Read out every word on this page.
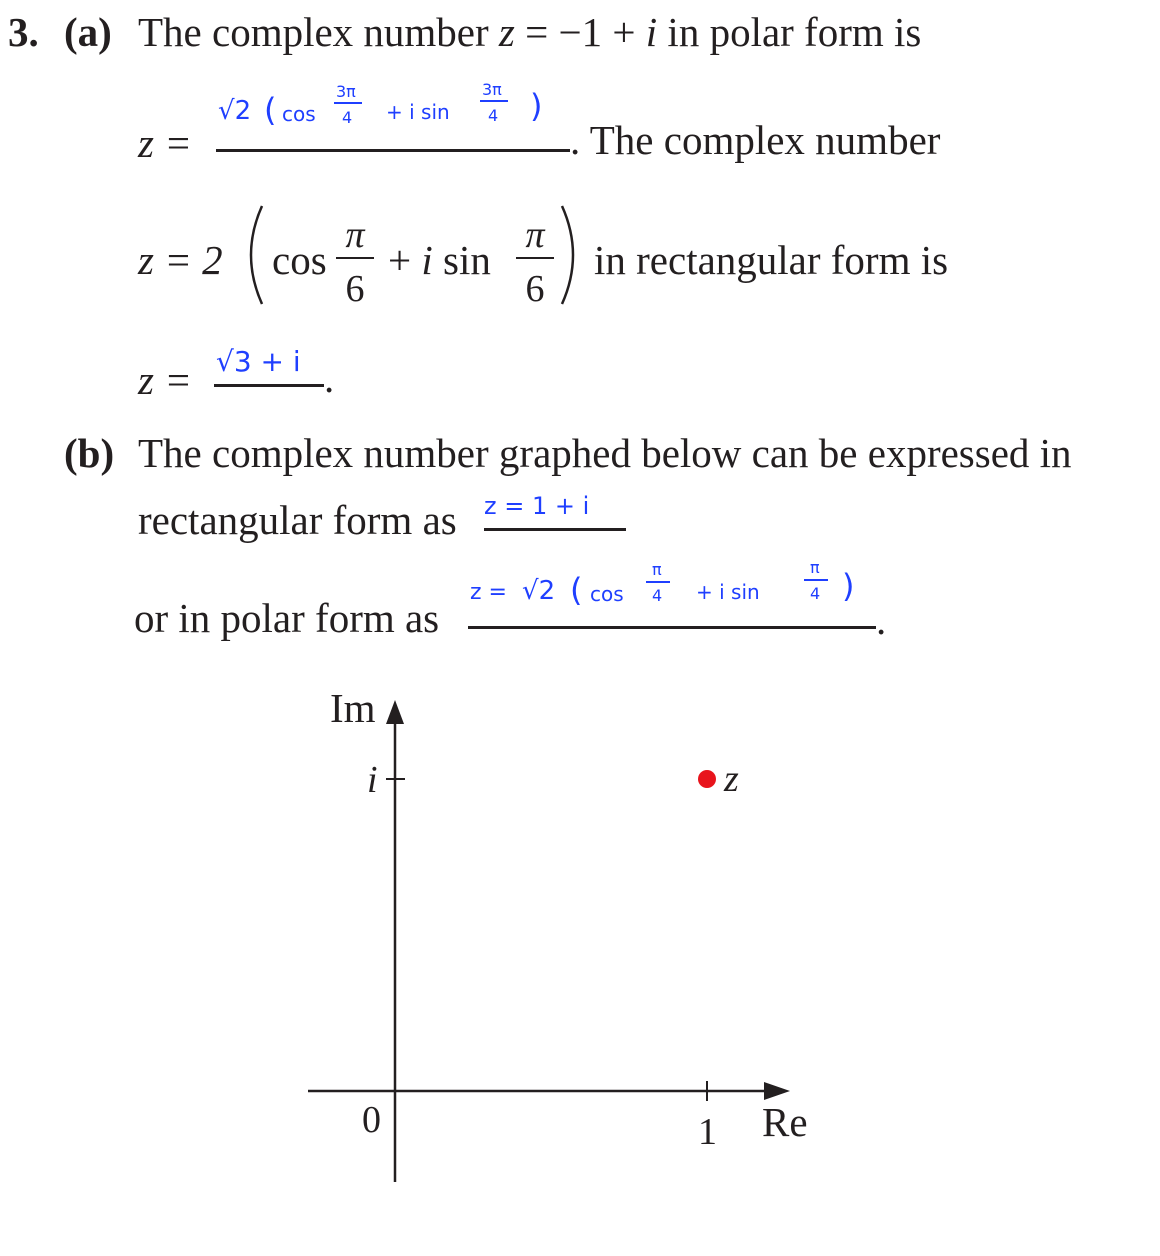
3. (a) The complex number z = −1 + i in polar form is
z =
√2 ( cos
3π
4 + i sin
3π
4 )
. The complex number
z = 2 cos
π
6
+ i sin
π
6
in rectangular form is
z = √3 + i .
(b) The complex number graphed below can be expressed in
rectangular form as z = 1 + i
or in polar form as
z = √2 ( cos
π
4 + i sin
π
4 )
.
Im
Re
0	1
i	z
